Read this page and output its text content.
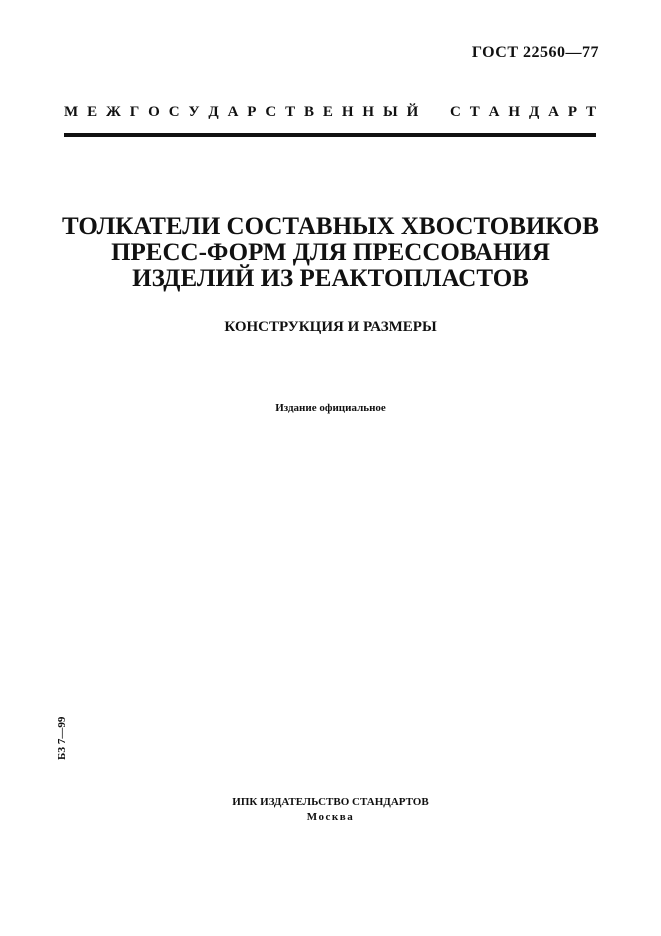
ГОСТ 22560—77
М Е Ж Г О С У Д А Р С Т В Е Н Н Ы Й С Т А Н Д А Р Т
ТОЛКАТЕЛИ СОСТАВНЫХ ХВОСТОВИКОВ
ПРЕСС-ФОРМ ДЛЯ ПРЕССОВАНИЯ
ИЗДЕЛИЙ ИЗ РЕАКТОПЛАСТОВ
КОНСТРУКЦИЯ И РАЗМЕРЫ
Издание официальное
БЗ 7—99
ИПК ИЗДАТЕЛЬСТВО СТАНДАРТОВ
Москва
